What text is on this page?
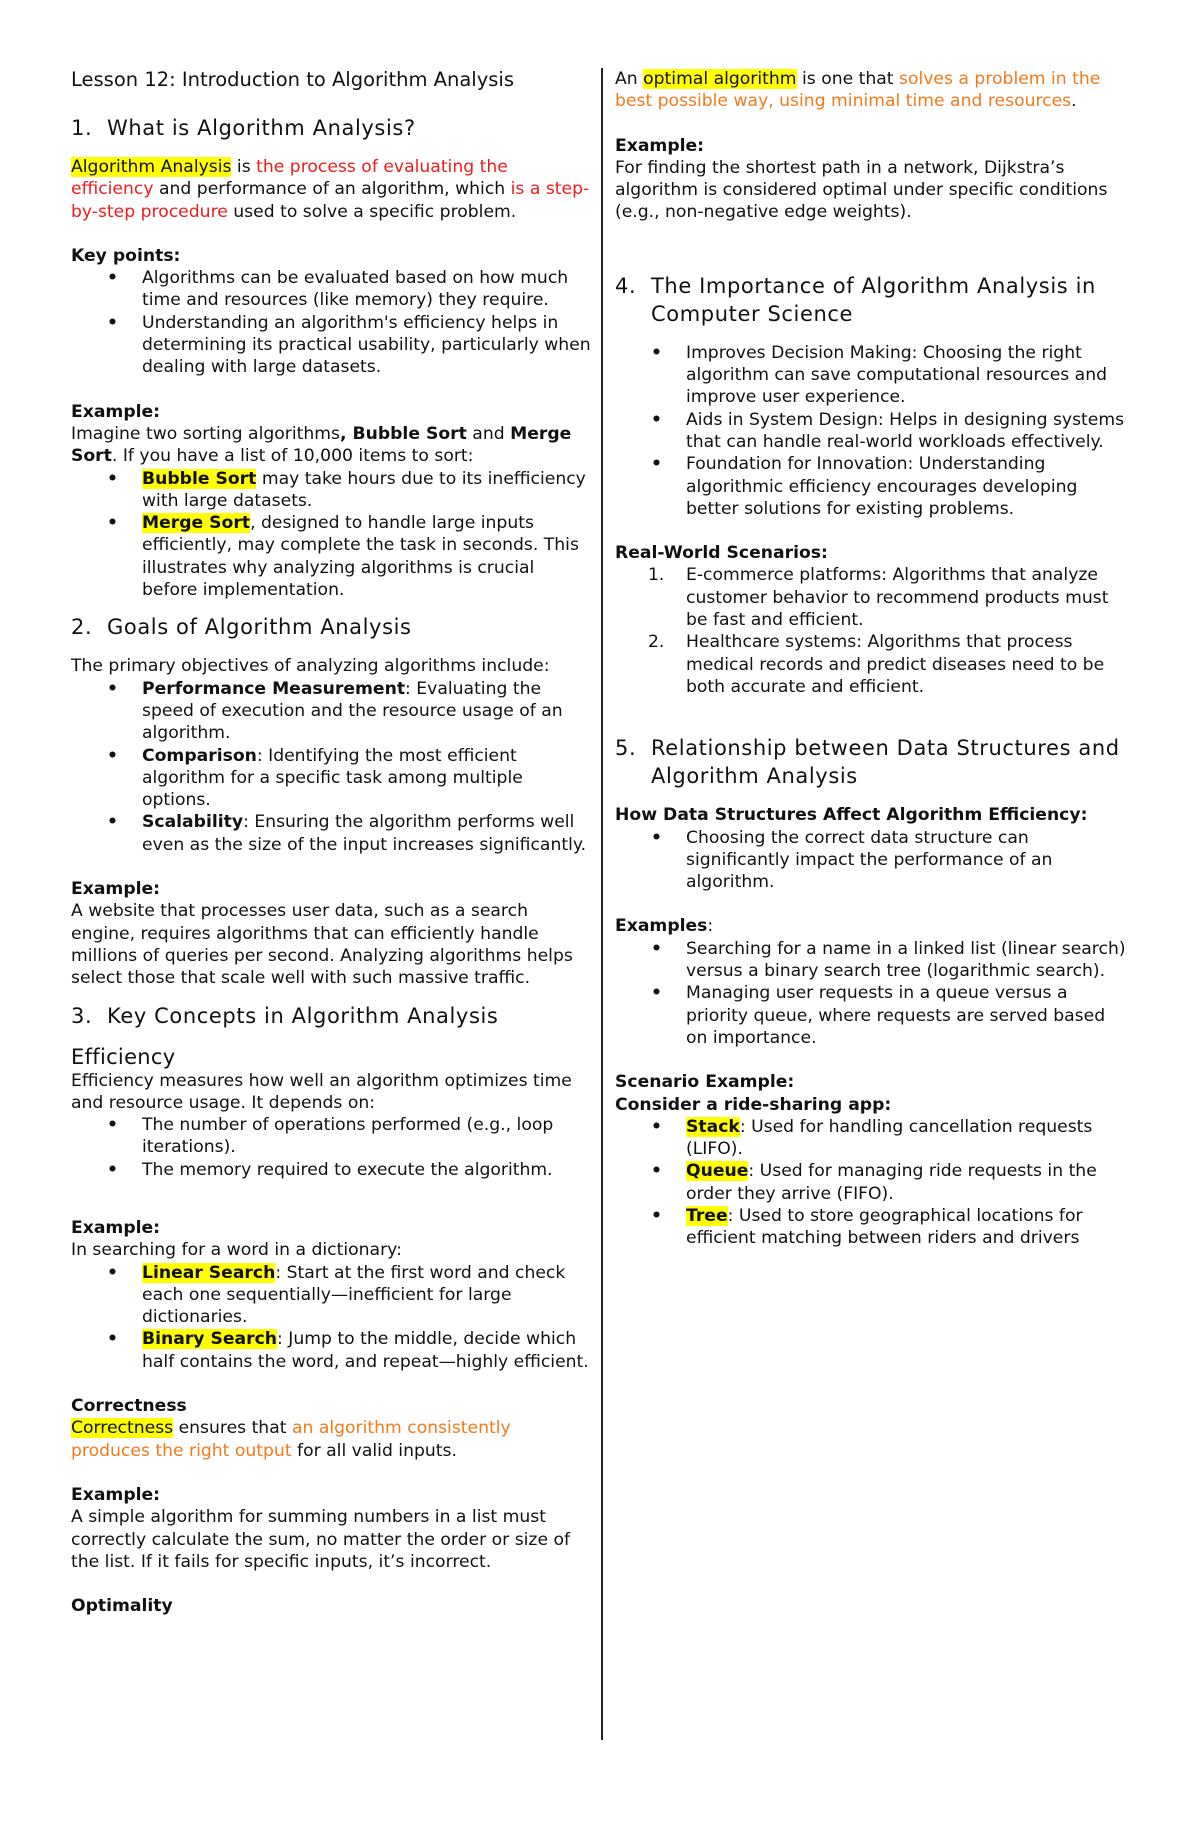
Lesson 12: Introduction to Algorithm Analysis

1. What is Algorithm Analysis?

Algorithm Analysis is the process of evaluating the efficiency and performance of an algorithm, which is a step-by-step procedure used to solve a specific problem.

Key points:

• Algorithms can be evaluated based on how much time and resources (like memory) they require.
• Understanding an algorithm's efficiency helps in determining its practical usability, particularly when dealing with large datasets.

Example:

Imagine two sorting algorithms, Bubble Sort and Merge Sort. If you have a list of 10,000 items to sort:

• Bubble Sort may take hours due to its inefficiency with large datasets.
• Merge Sort, designed to handle large inputs efficiently, may complete the task in seconds. This illustrates why analyzing algorithms is crucial before implementation.

2. Goals of Algorithm Analysis

The primary objectives of analyzing algorithms include:

• Performance Measurement: Evaluating the speed of execution and the resource usage of an algorithm.
• Comparison: Identifying the most efficient algorithm for a specific task among multiple options.
• Scalability: Ensuring the algorithm performs well even as the size of the input increases significantly.

Example:

A website that processes user data, such as a search engine, requires algorithms that can efficiently handle millions of queries per second. Analyzing algorithms helps select those that scale well with such massive traffic.

3. Key Concepts in Algorithm Analysis

Efficiency

Efficiency measures how well an algorithm optimizes time and resource usage. It depends on:

• The number of operations performed (e.g., loop iterations).
• The memory required to execute the algorithm.

Example:

In searching for a word in a dictionary:

• Linear Search: Start at the first word and check each one sequentially—inefficient for large dictionaries.
• Binary Search: Jump to the middle, decide which half contains the word, and repeat—highly efficient.

Correctness

Correctness ensures that an algorithm consistently produces the right output for all valid inputs.

Example:

A simple algorithm for summing numbers in a list must correctly calculate the sum, no matter the order or size of the list. If it fails for specific inputs, it’s incorrect.

Optimality

An optimal algorithm is one that solves a problem in the best possible way, using minimal time and resources.

Example:

For finding the shortest path in a network, Dijkstra’s algorithm is considered optimal under specific conditions (e.g., non-negative edge weights).

4. The Importance of Algorithm Analysis in Computer Science

• Improves Decision Making: Choosing the right algorithm can save computational resources and improve user experience.
• Aids in System Design: Helps in designing systems that can handle real-world workloads effectively.
• Foundation for Innovation: Understanding algorithmic efficiency encourages developing better solutions for existing problems.

Real-World Scenarios:

1. E-commerce platforms: Algorithms that analyze customer behavior to recommend products must be fast and efficient.
2. Healthcare systems: Algorithms that process medical records and predict diseases need to be both accurate and efficient.

5. Relationship between Data Structures and Algorithm Analysis

How Data Structures Affect Algorithm Efficiency:

• Choosing the correct data structure can significantly impact the performance of an algorithm.

Examples:

• Searching for a name in a linked list (linear search) versus a binary search tree (logarithmic search).
• Managing user requests in a queue versus a priority queue, where requests are served based on importance.

Scenario Example:

Consider a ride-sharing app:

• Stack: Used for handling cancellation requests (LIFO).
• Queue: Used for managing ride requests in the order they arrive (FIFO).
• Tree: Used to store geographical locations for efficient matching between riders and drivers
